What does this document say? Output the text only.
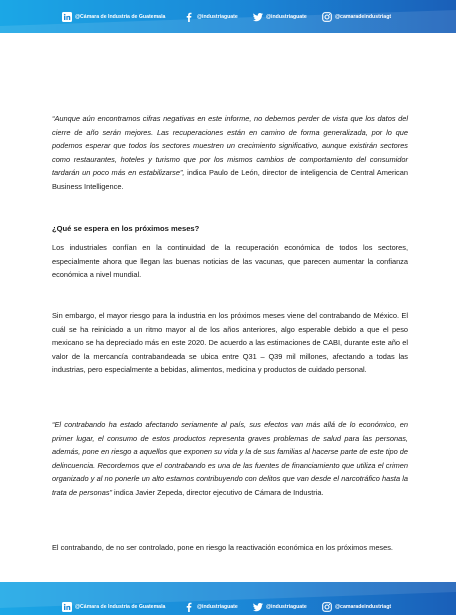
@Cámara de Industria de Guatemala	@industriaguate	@industriaguate	@camaradeindustriagt

“Aunque aún encontramos cifras negativas en este informe, no debemos perder de vista que los datos del cierre de año serán mejores. Las recuperaciones están en camino de forma generalizada, por lo que podemos esperar que todos los sectores muestren un crecimiento significativo, aunque existirán sectores como restaurantes, hoteles y turismo que por los mismos cambios de comportamiento del consumidor tardarán un poco más en estabilizarse”, indica Paulo de León, director de inteligencia de Central American Business Intelligence.

¿Qué se espera en los próximos meses?

Los industriales confían en la continuidad de la recuperación económica de todos los sectores, especialmente ahora que llegan las buenas noticias de las vacunas, que parecen aumentar la confianza económica a nivel mundial.

Sin embargo, el mayor riesgo para la industria en los próximos meses viene del contrabando de México. El cuál se ha reiniciado a un ritmo mayor al de los años anteriores, algo esperable debido a que el peso mexicano se ha depreciado más en este 2020. De acuerdo a las estimaciones de CABI, durante este año el valor de la mercancía contrabandeada se ubica entre Q31 – Q39 mil millones, afectando a todas las industrias, pero especialmente a bebidas, alimentos, medicina y productos de cuidado personal.

“El contrabando ha estado afectando seriamente al país, sus efectos van más allá de lo económico, en primer lugar, el consumo de estos productos representa graves problemas de salud para las personas, además, pone en riesgo a aquellos que exponen su vida y la de sus familias al hacerse parte de este tipo de delincuencia. Recordemos que el contrabando es una de las fuentes de financiamiento que utiliza el crimen organizado y al no ponerle un alto estamos contribuyendo con delitos que van desde el narcotráfico hasta la trata de personas” indica Javier Zepeda, director ejecutivo de Cámara de Industria.

El contrabando, de no ser controlado, pone en riesgo la reactivación económica en los próximos meses.

@Cámara de Industria de Guatemala	@industriaguate	@industriaguate	@camaradeindustriagt
